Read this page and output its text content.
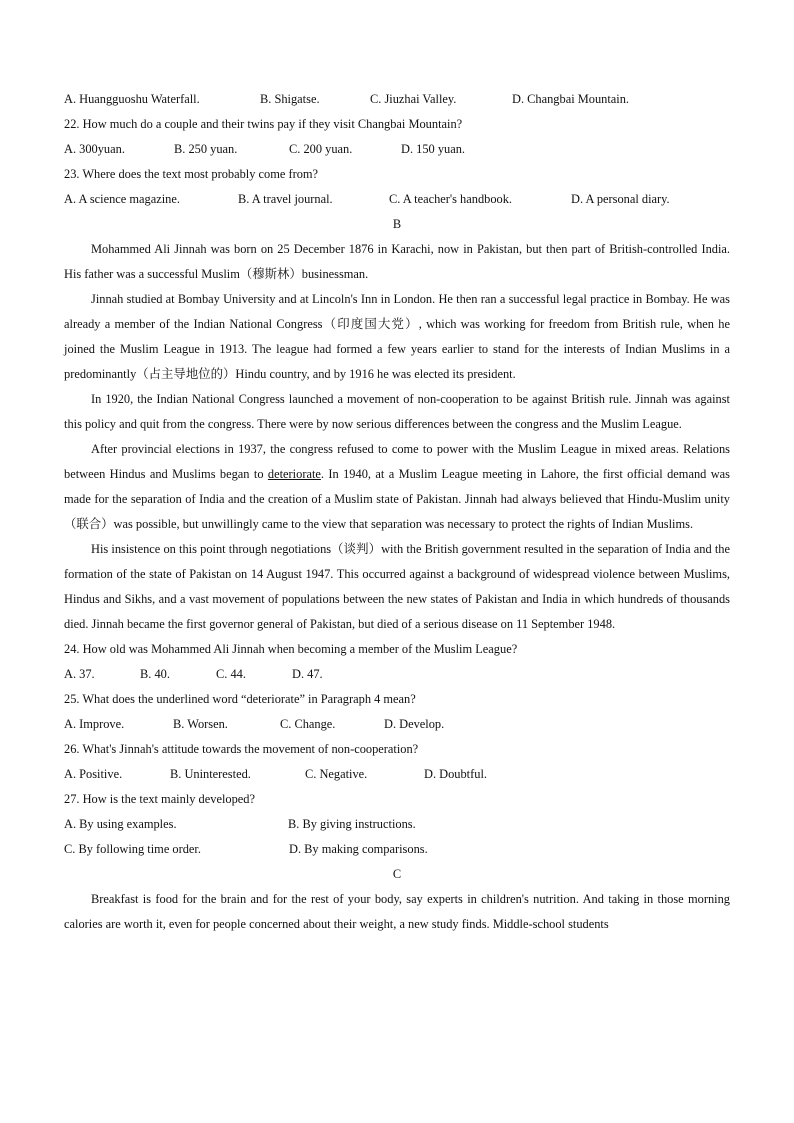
A. Huangguoshu Waterfall.	B. Shigatse.	C. Jiuzhai Valley.	D. Changbai Mountain.
22. How much do a couple and their twins pay if they visit Changbai Mountain?
A. 300yuan.	B. 250 yuan.	C. 200 yuan.	D. 150 yuan.
23. Where does the text most probably come from?
A. A science magazine.	B. A travel journal.	C. A teacher's handbook.	D. A personal diary.
B

Mohammed Ali Jinnah was born on 25 December 1876 in Karachi, now in Pakistan, but then part of British-controlled India. His father was a successful Muslim（穆斯林）businessman.

Jinnah studied at Bombay University and at Lincoln's Inn in London. He then ran a successful legal practice in Bombay. He was already a member of the Indian National Congress（印度国大党）, which was working for freedom from British rule, when he joined the Muslim League in 1913. The league had formed a few years earlier to stand for the interests of Indian Muslims in a predominantly（占主导地位的）Hindu country, and by 1916 he was elected its president.

In 1920, the Indian National Congress launched a movement of non-cooperation to be against British rule. Jinnah was against this policy and quit from the congress. There were by now serious differences between the congress and the Muslim League.

After provincial elections in 1937, the congress refused to come to power with the Muslim League in mixed areas. Relations between Hindus and Muslims began to deteriorate. In 1940, at a Muslim League meeting in Lahore, the first official demand was made for the separation of India and the creation of a Muslim state of Pakistan. Jinnah had always believed that Hindu-Muslim unity（联合）was possible, but unwillingly came to the view that separation was necessary to protect the rights of Indian Muslims.

His insistence on this point through negotiations（谈判）with the British government resulted in the separation of India and the formation of the state of Pakistan on 14 August 1947. This occurred against a background of widespread violence between Muslims, Hindus and Sikhs, and a vast movement of populations between the new states of Pakistan and India in which hundreds of thousands died. Jinnah became the first governor general of Pakistan, but died of a serious disease on 11 September 1948.

24. How old was Mohammed Ali Jinnah when becoming a member of the Muslim League?
A. 37.	B. 40.	C. 44.	D. 47.
25. What does the underlined word “deteriorate” in Paragraph 4 mean?
A. Improve.	B. Worsen.	C. Change.	D. Develop.
26. What's Jinnah's attitude towards the movement of non-cooperation?
A. Positive.	B. Uninterested.	C. Negative.	D. Doubtful.
27. How is the text mainly developed?
A. By using examples.	B. By giving instructions.
C. By following time order.	D. By making comparisons.
C

Breakfast is food for the brain and for the rest of your body, say experts in children's nutrition. And taking in those morning calories are worth it, even for people concerned about their weight, a new study finds. Middle-school students
